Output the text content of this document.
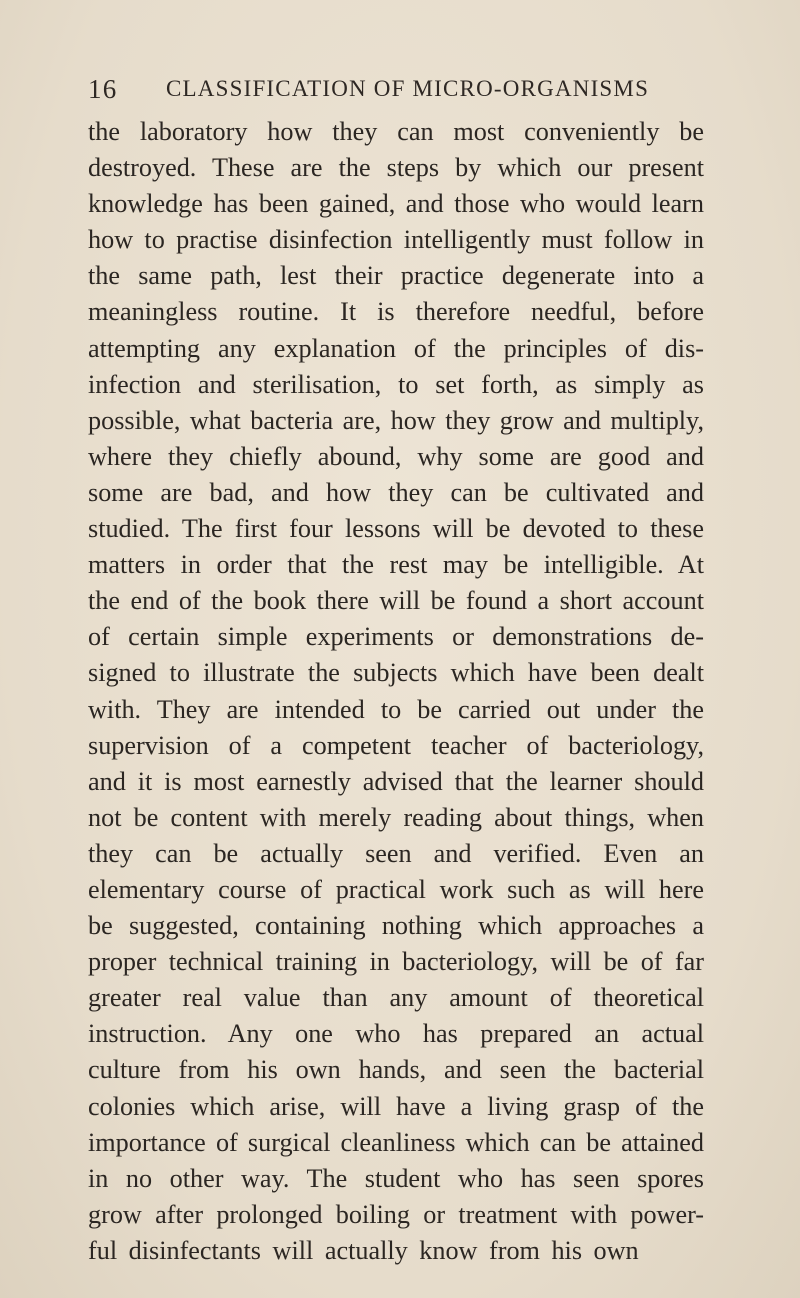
16 CLASSIFICATION OF MICRO-ORGANISMS
the laboratory how they can most conveniently be
destroyed. These are the steps by which our present
knowledge has been gained, and those who would learn
how to practise disinfection intelligently must follow in
the same path, lest their practice degenerate into a
meaningless routine. It is therefore needful, before
attempting any explanation of the principles of dis-
infection and sterilisation, to set forth, as simply as
possible, what bacteria are, how they grow and multiply,
where they chiefly abound, why some are good and
some are bad, and how they can be cultivated and
studied. The first four lessons will be devoted to these
matters in order that the rest may be intelligible. At
the end of the book there will be found a short account
of certain simple experiments or demonstrations de-
signed to illustrate the subjects which have been dealt
with. They are intended to be carried out under the
supervision of a competent teacher of bacteriology,
and it is most earnestly advised that the learner should
not be content with merely reading about things, when
they can be actually seen and verified. Even an
elementary course of practical work such as will here
be suggested, containing nothing which approaches a
proper technical training in bacteriology, will be of far
greater real value than any amount of theoretical
instruction. Any one who has prepared an actual
culture from his own hands, and seen the bacterial
colonies which arise, will have a living grasp of the
importance of surgical cleanliness which can be attained
in no other way. The student who has seen spores
grow after prolonged boiling or treatment with power-
ful disinfectants will actually know from his own
